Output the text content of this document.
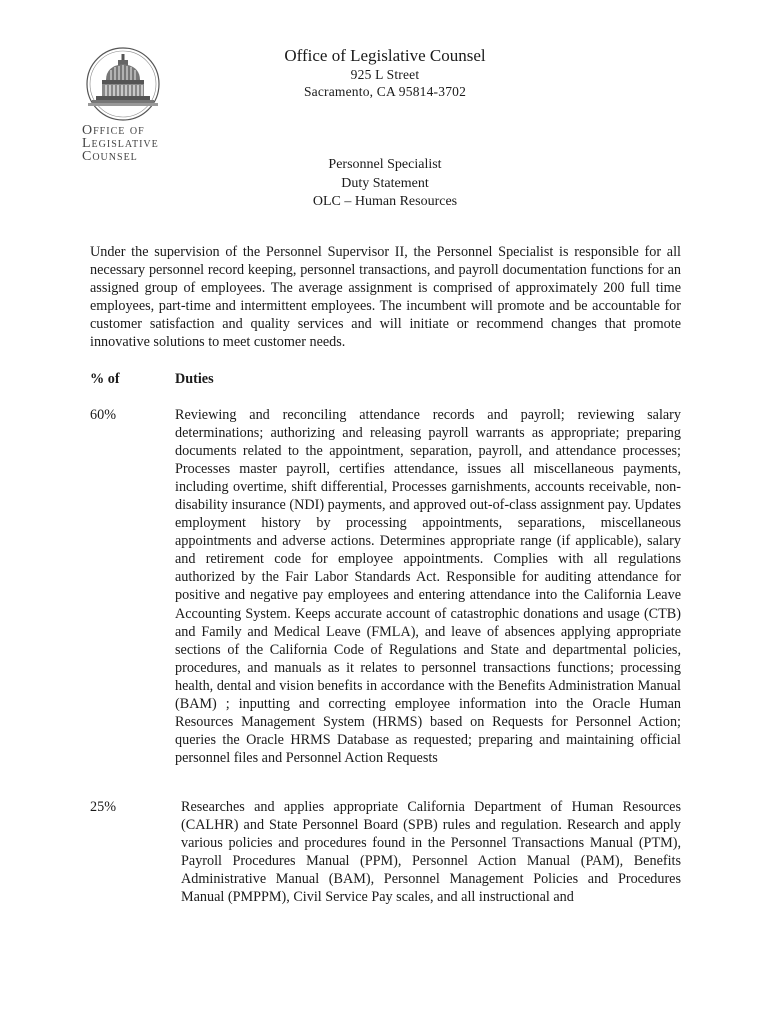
Office of
Legislative
Counsel
Office of Legislative Counsel
925 L Street
Sacramento, CA 95814-3702
Personnel Specialist
Duty Statement
OLC – Human Resources
Under the supervision of the Personnel Supervisor II, the Personnel Specialist is responsible for all necessary personnel record keeping, personnel transactions, and payroll documentation functions for an assigned group of employees. The average assignment is comprised of approximately 200 full time employees, part-time and intermittent employees. The incumbent will promote and be accountable for customer satisfaction and quality services and will initiate or recommend changes that promote innovative solutions to meet customer needs.
% of	Duties
60%	Reviewing and reconciling attendance records and payroll; reviewing salary determinations; authorizing and releasing payroll warrants as appropriate; preparing documents related to the appointment, separation, payroll, and attendance processes; Processes master payroll, certifies attendance, issues all miscellaneous payments, including overtime, shift differential, Processes garnishments, accounts receivable, non-disability insurance (NDI) payments, and approved out-of-class assignment pay. Updates employment history by processing appointments, separations, miscellaneous appointments and adverse actions. Determines appropriate range (if applicable), salary and retirement code for employee appointments. Complies with all regulations authorized by the Fair Labor Standards Act. Responsible for auditing attendance for positive and negative pay employees and entering attendance into the California Leave Accounting System. Keeps accurate account of catastrophic donations and usage (CTB) and Family and Medical Leave (FMLA), and leave of absences applying appropriate sections of the California Code of Regulations and State and departmental policies, procedures, and manuals as it relates to personnel transactions functions; processing health, dental and vision benefits in accordance with the Benefits Administration Manual (BAM) ; inputting and correcting employee information into the Oracle Human Resources Management System (HRMS) based on Requests for Personnel Action; queries the Oracle HRMS Database as requested; preparing and maintaining official personnel files and Personnel Action Requests
25%	Researches and applies appropriate California Department of Human Resources (CALHR) and State Personnel Board (SPB) rules and regulation. Research and apply various policies and procedures found in the Personnel Transactions Manual (PTM), Payroll Procedures Manual (PPM), Personnel Action Manual (PAM), Benefits Administrative Manual (BAM), Personnel Management Policies and Procedures Manual (PMPPM), Civil Service Pay scales, and all instructional and
